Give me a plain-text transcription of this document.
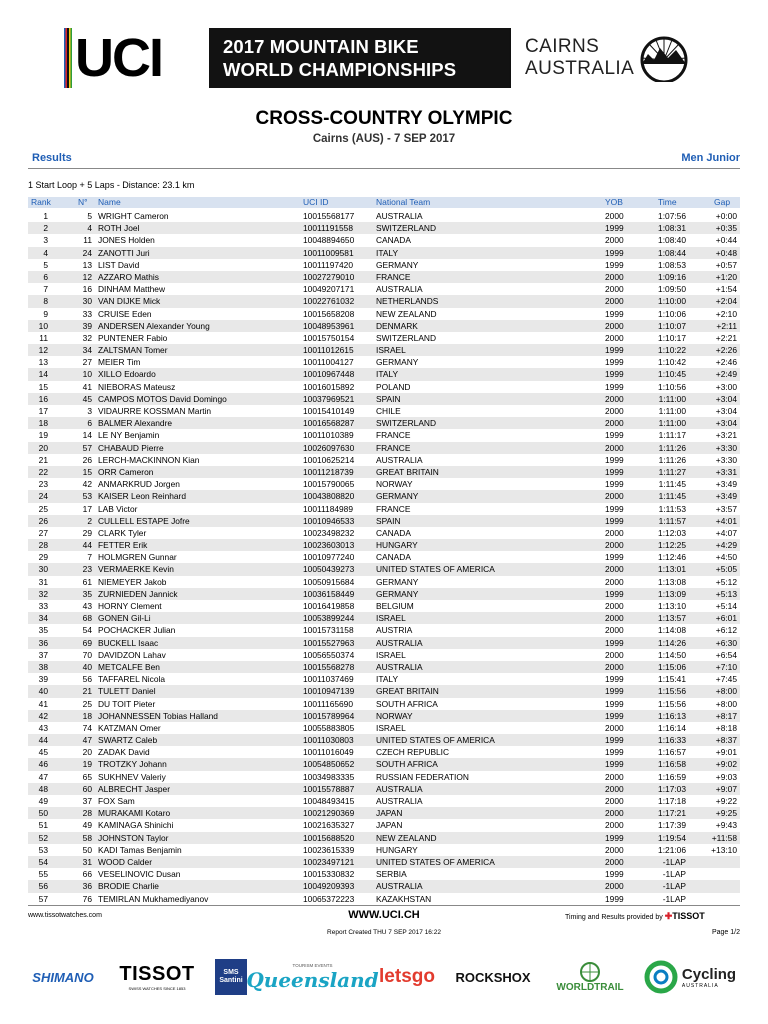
UCI	2017 MOUNTAIN BIKE
WORLD CHAMPIONSHIPS
CAIRNS
AUSTRALIA
CROSS-COUNTRY OLYMPIC
Cairns (AUS) - 7 SEP 2017
Results	Men Junior
1 Start Loop + 5 Laps - Distance: 23.1 km
Rank	N° Name	UCI ID	National Team	YOB	Time	Gap
1	5 WRIGHT Cameron	10015568177	AUSTRALIA	2000	1:07:56	+0:00
2	4 ROTH Joel	10011191558	SWITZERLAND	1999	1:08:31	+0:35
3	11 JONES Holden	10048894650	CANADA	2000	1:08:40	+0:44
4	24 ZANOTTI Juri	10011009581	ITALY	1999	1:08:44	+0:48
5	13 LIST David	10011197420	GERMANY	1999	1:08:53	+0:57
6	12 AZZARO Mathis	10027279010	FRANCE	2000	1:09:16	+1:20
7	16 DINHAM Matthew	10049207171	AUSTRALIA	2000	1:09:50	+1:54
8	30 VAN DIJKE Mick	10022761032	NETHERLANDS	2000	1:10:00	+2:04
9	33 CRUISE Eden	10015658208	NEW ZEALAND	1999	1:10:06	+2:10
10	39 ANDERSEN Alexander Young	10048953961	DENMARK	2000	1:10:07	+2:11
11	32 PUNTENER Fabio	10015750154	SWITZERLAND	2000	1:10:17	+2:21
12	34 ZALTSMAN Tomer	10011012615	ISRAEL	1999	1:10:22	+2:26
13	27 MEIER Tim	10011004127	GERMANY	1999	1:10:42	+2:46
14	10 XILLO Edoardo	10010967448	ITALY	1999	1:10:45	+2:49
15	41 NIEBORAS Mateusz	10016015892	POLAND	1999	1:10:56	+3:00
16	45 CAMPOS MOTOS David Domingo	10037969521	SPAIN	2000	1:11:00	+3:04
17	3 VIDAURRE KOSSMAN Martin	10015410149	CHILE	2000	1:11:00	+3:04
18	6 BALMER Alexandre	10016568287	SWITZERLAND	2000	1:11:00	+3:04
19	14 LE NY Benjamin	10011010389	FRANCE	1999	1:11:17	+3:21
20	57 CHABAUD Pierre	10026097630	FRANCE	2000	1:11:26	+3:30
21	26 LERCH-MACKINNON Kian	10010625214	AUSTRALIA	1999	1:11:26	+3:30
22	15 ORR Cameron	10011218739	GREAT BRITAIN	1999	1:11:27	+3:31
23	42 ANMARKRUD Jorgen	10015790065	NORWAY	1999	1:11:45	+3:49
24	53 KAISER Leon Reinhard	10043808820	GERMANY	2000	1:11:45	+3:49
25	17 LAB Victor	10011184989	FRANCE	1999	1:11:53	+3:57
26	2 CULLELL ESTAPE Jofre	10010946533	SPAIN	1999	1:11:57	+4:01
27	29 CLARK Tyler	10023498232	CANADA	2000	1:12:03	+4:07
28	44 FETTER Erik	10023603013	HUNGARY	2000	1:12:25	+4:29
29	7 HOLMGREN Gunnar	10010977240	CANADA	1999	1:12:46	+4:50
30	23 VERMAERKE Kevin	10050439273	UNITED STATES OF AMERICA	2000	1:13:01	+5:05
31	61 NIEMEYER Jakob	10050915684	GERMANY	2000	1:13:08	+5:12
32	35 ZURNIEDEN Jannick	10036158449	GERMANY	1999	1:13:09	+5:13
33	43 HORNY Clement	10016419858	BELGIUM	2000	1:13:10	+5:14
34	68 GONEN Gil-Li	10053899244	ISRAEL	2000	1:13:57	+6:01
35	54 POCHACKER Julian	10015731158	AUSTRIA	2000	1:14:08	+6:12
36	69 BUCKELL Isaac	10015527963	AUSTRALIA	1999	1:14:26	+6:30
37	70 DAVIDZON Lahav	10056550374	ISRAEL	2000	1:14:50	+6:54
38	40 METCALFE Ben	10015568278	AUSTRALIA	2000	1:15:06	+7:10
39	56 TAFFAREL Nicola	10011037469	ITALY	1999	1:15:41	+7:45
40	21 TULETT Daniel	10010947139	GREAT BRITAIN	1999	1:15:56	+8:00
41	25 DU TOIT Pieter	10011165690	SOUTH AFRICA	1999	1:15:56	+8:00
42	18 JOHANNESSEN Tobias Halland	10015789964	NORWAY	1999	1:16:13	+8:17
43	74 KATZMAN Omer	10055883805	ISRAEL	2000	1:16:14	+8:18
44	47 SWARTZ Caleb	10011030803	UNITED STATES OF AMERICA	1999	1:16:33	+8:37
45	20 ZADAK David	10011016049	CZECH REPUBLIC	1999	1:16:57	+9:01
46	19 TROTZKY Johann	10054850652	SOUTH AFRICA	1999	1:16:58	+9:02
47	65 SUKHNEV Valeriy	10034983335	RUSSIAN FEDERATION	2000	1:16:59	+9:03
48	60 ALBRECHT Jasper	10015578887	AUSTRALIA	2000	1:17:03	+9:07
49	37 FOX Sam	10048493415	AUSTRALIA	2000	1:17:18	+9:22
50	28 MURAKAMI Kotaro	10021290369	JAPAN	2000	1:17:21	+9:25
51	49 KAMINAGA Shinichi	10021635327	JAPAN	2000	1:17:39	+9:43
52	58 JOHNSTON Taylor	10015688520	NEW ZEALAND	1999	1:19:54	+11:58
53	50 KADI Tamas Benjamin	10023615339	HUNGARY	2000	1:21:06	+13:10
54	31 WOOD Calder	10023497121	UNITED STATES OF AMERICA	2000	-1LAP
55	66 VESELINOVIC Dusan	10015330832	SERBIA	1999	-1LAP
56	36 BRODIE Charlie	10049209393	AUSTRALIA	2000	-1LAP
57	76 TEMIRLAN Mukhamediyanov	10065372223	KAZAKHSTAN	1999	-1LAP
www.tissotwatches.com	WWW.UCI.CH	Timing and Results provided by ✚TISSOT
Report Created THU 7 SEP 2017 16:22	Page 1/2
SHIMANO TISSOT
SWISS WATCHES SINCE 1853
SMS Santini
TOURISM EVENTS
Queensland letsgo ROCKSHOX
WORLDTRAIL
Cycling
AUSTRALIA
